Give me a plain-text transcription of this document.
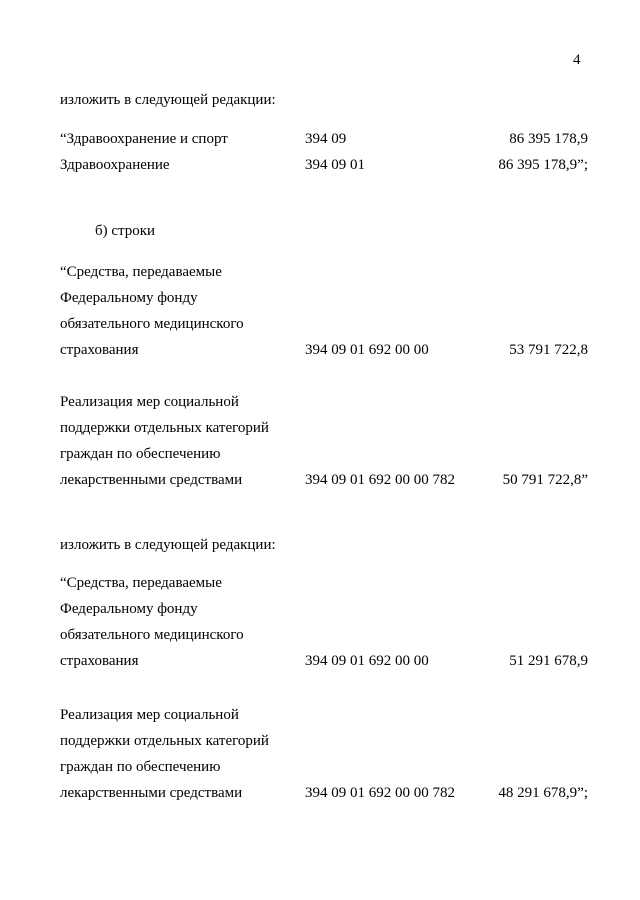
4
изложить в следующей редакции:
“Здравоохранение и спорт	394 09	86 395 178,9
Здравоохранение	394 09 01	86 395 178,9”;
б) строки
“Средства, передаваемые
Федеральному фонду
обязательного медицинского
страхования	394 09 01 692 00 00	53 791 722,8
Реализация мер социальной
поддержки отдельных категорий
граждан по обеспечению
лекарственными средствами	394 09 01 692 00 00 782	50 791 722,8”
изложить в следующей редакции:
“Средства, передаваемые
Федеральному фонду
обязательного медицинского
страхования	394 09 01 692 00 00	51 291 678,9
Реализация мер социальной
поддержки отдельных категорий
граждан по обеспечению
лекарственными средствами	394 09 01 692 00 00 782	48 291 678,9”;
